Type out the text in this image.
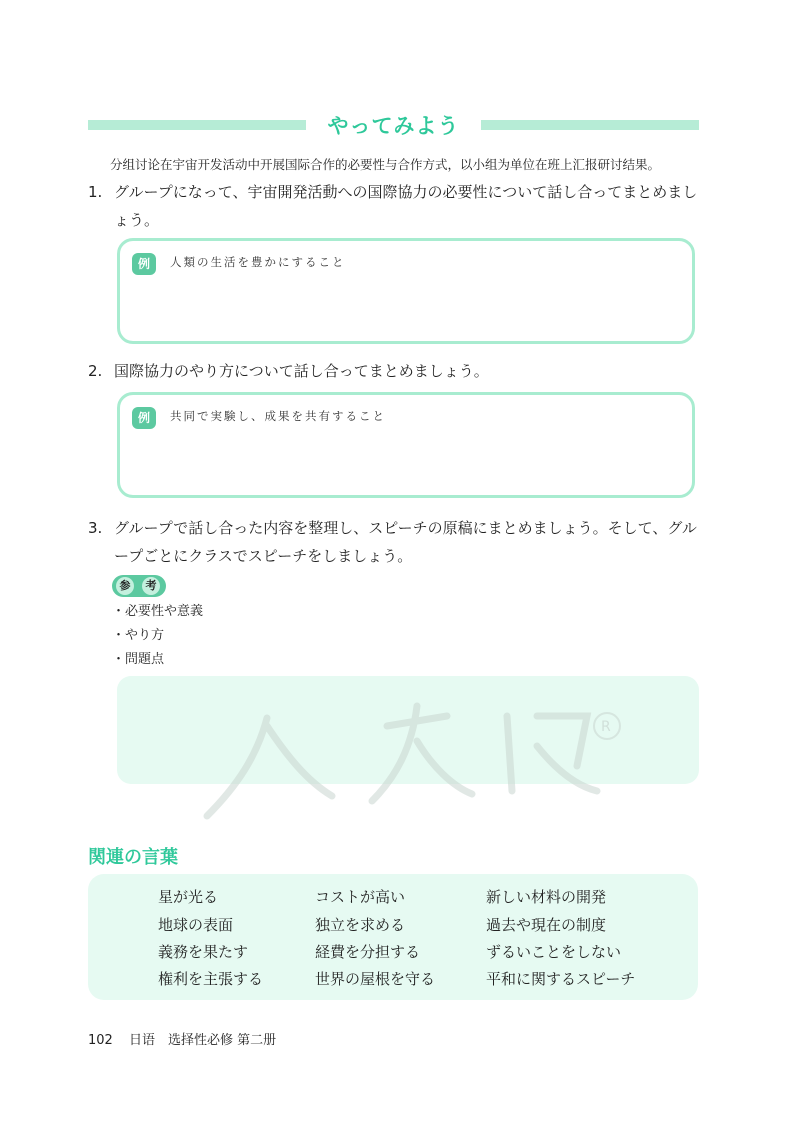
やってみよう
分组讨论在宇宙开发活动中开展国际合作的必要性与合作方式，以小组为单位在班上汇报研讨结果。
1. グループになって、宇宙開発活動への国際協力の必要性について話し合ってまとめましょう。
例	人類の生活を豊かにすること
2. 国際協力のやり方について話し合ってまとめましょう。
例	共同で実験し、成果を共有すること
3. グループで話し合った内容を整理し、スピーチの原稿にまとめましょう。そして、グループごとにクラスでスピーチをしましょう。
参	考
・必要性や意義
・やり方
・問題点
R
関連の言葉
星が光る	コストが高い	新しい材料の開発
地球の表面	独立を求める	過去や現在の制度
義務を果たす	経費を分担する	ずるいことをしない
権利を主張する	世界の屋根を守る	平和に関するスピーチ
102 日语　选择性必修 第二册
